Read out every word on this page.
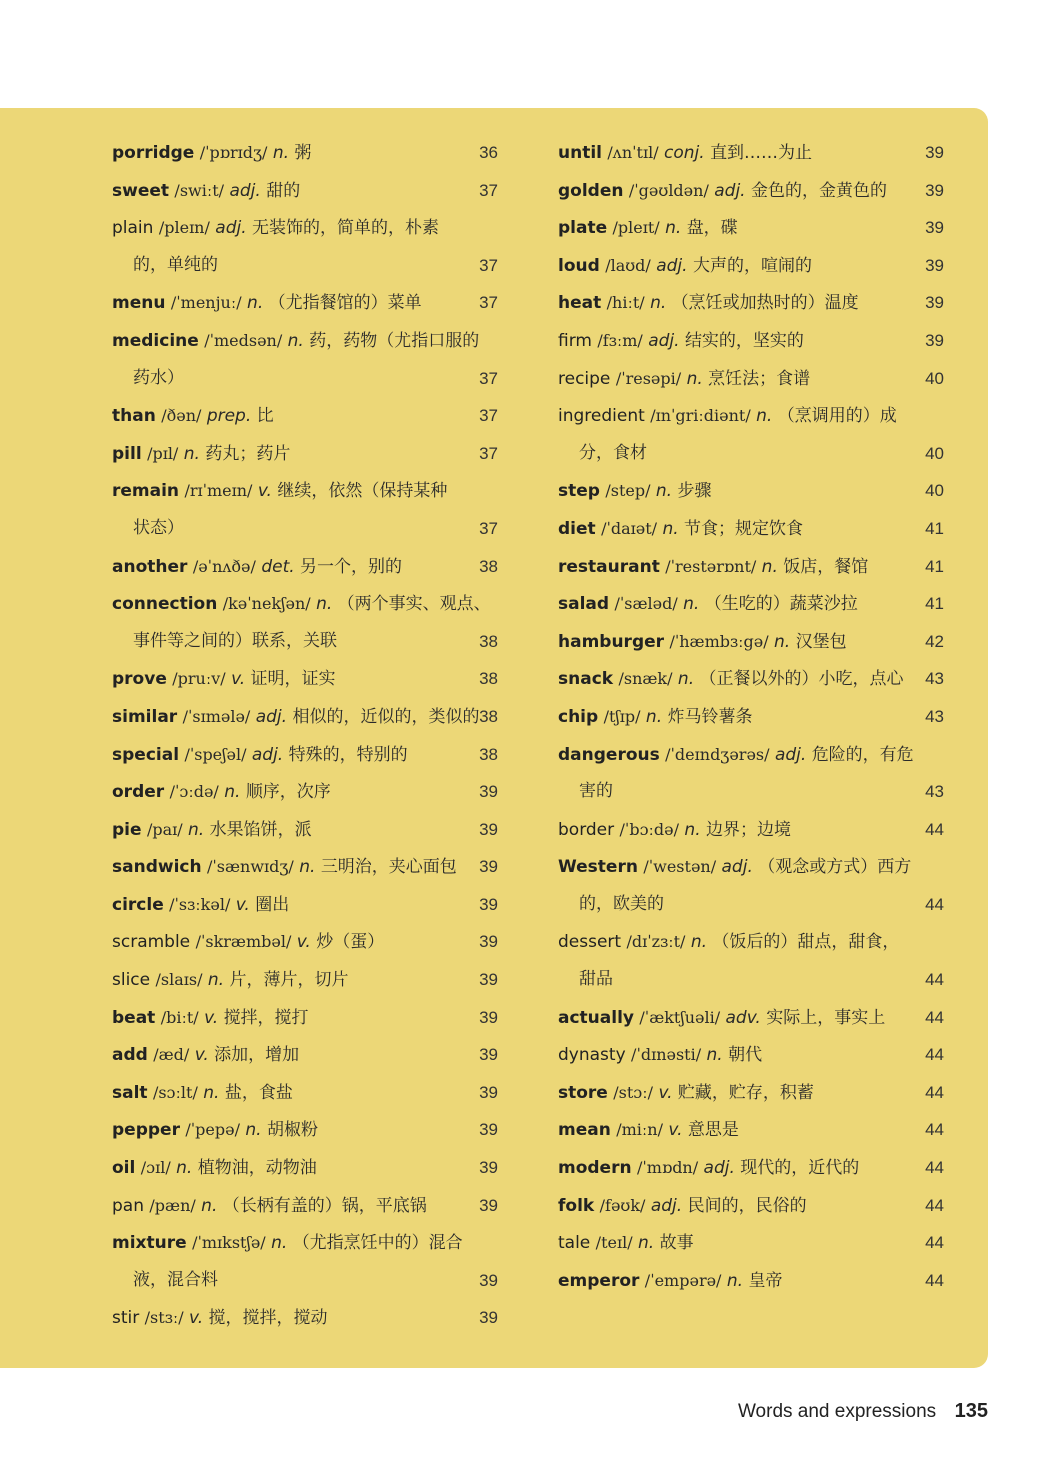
porridge /ˈpɒrɪdʒ/ n. 粥	36
sweet /swiːt/ adj. 甜的	37
plain /pleɪn/ adj. 无装饰的，简单的，朴素
的，单纯的	37
menu /ˈmenjuː/ n. （尤指餐馆的）菜单	37
medicine /ˈmedsən/ n. 药，药物（尤指口服的
药水）	37
than /ðən/ prep. 比	37
pill /pɪl/ n. 药丸；药片	37
remain /rɪˈmeɪn/ v. 继续，依然（保持某种
状态）	37
another /əˈnʌðə/ det. 另一个，别的	38
connection /kəˈnekʃən/ n. （两个事实、观点、
事件等之间的）联系，关联	38
prove /pruːv/ v. 证明，证实	38
similar /ˈsɪmələ/ adj. 相似的，近似的，类似的 38
special /ˈspeʃəl/ adj. 特殊的，特别的	38
order /ˈɔːdə/ n. 顺序，次序	39
pie /paɪ/ n. 水果馅饼，派	39
sandwich /ˈsænwɪdʒ/ n. 三明治，夹心面包 39
circle /ˈsɜːkəl/ v. 圈出	39
scramble /ˈskræmbəl/ v. 炒（蛋）	39
slice /slaɪs/ n. 片，薄片，切片	39
beat /biːt/ v. 搅拌，搅打	39
add /æd/ v. 添加，增加	39
salt /sɔːlt/ n. 盐，食盐	39
pepper /ˈpepə/ n. 胡椒粉	39
oil /ɔɪl/ n. 植物油，动物油	39
pan /pæn/ n. （长柄有盖的）锅，平底锅	39
mixture /ˈmɪkstʃə/ n. （尤指烹饪中的）混合
液，混合料	39
stir /stɜː/ v. 搅，搅拌，搅动	39
until /ʌnˈtɪl/ conj. 直到……为止	39
golden /ˈgəʊldən/ adj. 金色的，金黄色的 39
plate /pleɪt/ n. 盘，碟	39
loud /laʊd/ adj. 大声的，喧闹的	39
heat /hiːt/ n. （烹饪或加热时的）温度	39
firm /fɜːm/ adj. 结实的，坚实的	39
recipe /ˈresəpi/ n. 烹饪法；食谱	40
ingredient /ɪnˈgriːdiənt/ n. （烹调用的）成
分，食材	40
step /step/ n. 步骤	40
diet /ˈdaɪət/ n. 节食；规定饮食	41
restaurant /ˈrestərɒnt/ n. 饭店，餐馆	41
salad /ˈsæləd/ n. （生吃的）蔬菜沙拉	41
hamburger /ˈhæmbɜːgə/ n. 汉堡包	42
snack /snæk/ n. （正餐以外的）小吃，点心 43
chip /tʃɪp/ n. 炸马铃薯条	43
dangerous /ˈdeɪndʒərəs/ adj. 危险的，有危
害的	43
border /ˈbɔːdə/ n. 边界；边境	44
Western /ˈwestən/ adj. （观念或方式）西方
的，欧美的	44
dessert /dɪˈzɜːt/ n. （饭后的）甜点，甜食，
甜品	44
actually /ˈæktʃuəli/ adv. 实际上，事实上 44
dynasty /ˈdɪnəsti/ n. 朝代	44
store /stɔː/ v. 贮藏，贮存，积蓄	44
mean /miːn/ v. 意思是	44
modern /ˈmɒdn/ adj. 现代的，近代的	44
folk /fəʊk/ adj. 民间的，民俗的	44
tale /teɪl/ n. 故事	44
emperor /ˈempərə/ n. 皇帝	44
Words and expressions 135
